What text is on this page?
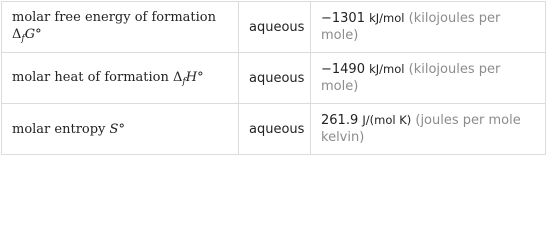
molar free energy of formation
$\Delta_fG^\circ$	aqueous	−1301 kJ/mol (kilojoules per mole)
molar heat of formation $\Delta_fH^\circ$	aqueous	−1490 kJ/mol (kilojoules per mole)
molar entropy S°	aqueous	261.9 J/(mol K) (joules per mole kelvin)
